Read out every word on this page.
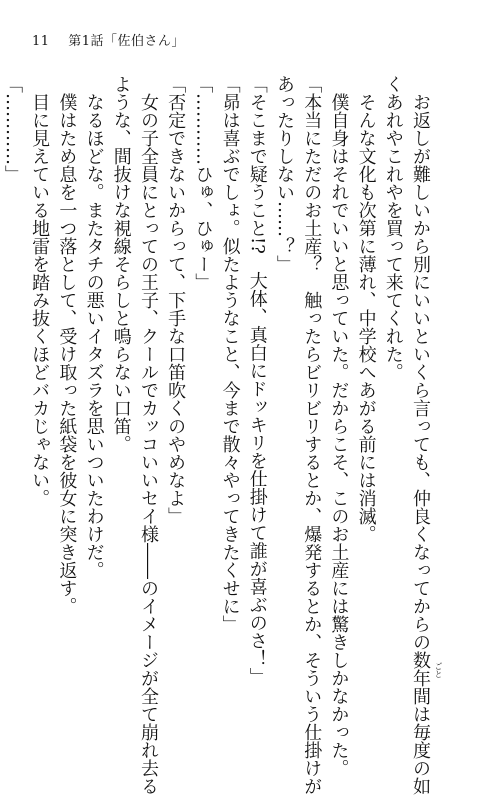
11 第1話「佐伯さん」

お返しが難しいから別にいいといくら言っても、仲良くなってからの数年間は毎度の如

くあれやこれやを買って来てくれた。

そんな文化も次第に薄れ、中学校へあがる前には消滅。

僕自身はそれでいいと思っていた。だからこそ、このお土産には驚きしかなかった。

「本当にただのお土産？　触ったらビリビリするとか、爆発するとか、そういう仕掛けが

あったりしない……？」

「そこまで疑うこと!?　大体、真白にドッキリを仕掛けて誰が喜ぶのさ！」

「昴は喜ぶでしょ。似たようなこと、今まで散々やってきたくせに」

「…………ひゅ、ひゅー」

「否定できないからって、下手な口笛吹くのやめなよ」

女の子全員にとっての王子、クールでカッコいいセイ様――のイメージが全て崩れ去る

ような、間抜けな視線そらしと鳴らない口笛。

なるほどな。またタチの悪いイタズラを思いついたわけだ。

僕はため息を一つ落として、受け取った紙袋を彼女に突き返す。

目に見えている地雷を踏み抜くほどバカじゃない。

「…………」

ごと
